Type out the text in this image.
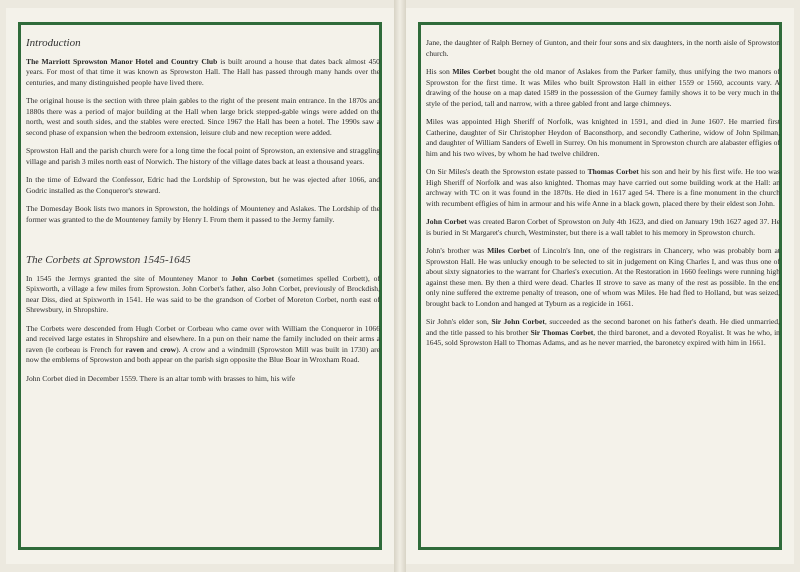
Introduction

The Marriott Sprowston Manor Hotel and Country Club is built around a house that dates back almost 450 years. For most of that time it was known as Sprowston Hall. The Hall has passed through many hands over the centuries, and many distinguished people have lived there.

The original house is the section with three plain gables to the right of the present main entrance. In the 1870s and 1880s there was a period of major building at the Hall when large brick stepped-gable wings were added on the north, west and south sides, and the stables were erected. Since 1967 the Hall has been a hotel. The 1990s saw a second phase of expansion when the bedroom extension, leisure club and new reception were added.

Sprowston Hall and the parish church were for a long time the focal point of Sprowston, an extensive and straggling village and parish 3 miles north east of Norwich. The history of the village dates back at least a thousand years.

In the time of Edward the Confessor, Edric had the Lordship of Sprowston, but he was ejected after 1066, and Godric installed as the Conqueror's steward.

The Domesday Book lists two manors in Sprowston, the holdings of Mounteney and Aslakes. The Lordship of the former was granted to the de Mounteney family by Henry I. From them it passed to the Jermy family.

The Corbets at Sprowston 1545-1645

In 1545 the Jermys granted the site of Mounteney Manor to John Corbet (sometimes spelled Corbett), of Spixworth, a village a few miles from Sprowston. John Corbet's father, also John Corbet, previously of Brockdish, near Diss, died at Spixworth in 1541. He was said to be the grandson of Corbet of Moreton Corbet, north east of Shrewsbury, in Shropshire.

The Corbets were descended from Hugh Corbet or Corbeau who came over with William the Conqueror in 1066 and received large estates in Shropshire and elsewhere. In a pun on their name the family included on their arms a raven (le corbeau is French for raven and crow). A crow and a windmill (Sprowston Mill was built in 1730) are now the emblems of Sprowston and both appear on the parish sign opposite the Blue Boar in Wroxham Road.

John Corbet died in December 1559. There is an altar tomb with brasses to him, his wife

Jane, the daughter of Ralph Berney of Gunton, and their four sons and six daughters, in the north aisle of Sprowston church.

His son Miles Corbet bought the old manor of Aslakes from the Parker family, thus unifying the two manors of Sprowston for the first time. It was Miles who built Sprowston Hall in either 1559 or 1560, accounts vary. A drawing of the house on a map dated 1589 in the possession of the Gurney family shows it to be very much in the style of the period, tall and narrow, with a three gabled front and large chimneys.

Miles was appointed High Sheriff of Norfolk, was knighted in 1591, and died in June 1607. He married first Catherine, daughter of Sir Christopher Heydon of Baconsthorp, and secondly Catherine, widow of John Spilman, and daughter of William Sanders of Ewell in Surrey. On his monument in Sprowston church are alabaster effigies of him and his two wives, by whom he had twelve children.

On Sir Miles's death the Sprowston estate passed to Thomas Corbet his son and heir by his first wife. He too was High Sheriff of Norfolk and was also knighted. Thomas may have carried out some building work at the Hall: an archway with TC on it was found in the 1870s. He died in 1617 aged 54. There is a fine monument in the church with recumbent effigies of him in armour and his wife Anne in a black gown, placed there by their eldest son John.

John Corbet was created Baron Corbet of Sprowston on July 4th 1623, and died on January 19th 1627 aged 37. He is buried in St Margaret's church, Westminster, but there is a wall tablet to his memory in Sprowston church.

John's brother was Miles Corbet of Lincoln's Inn, one of the registrars in Chancery, who was probably born at Sprowston Hall. He was unlucky enough to be selected to sit in judgement on King Charles I, and was thus one of about sixty signatories to the warrant for Charles's execution. At the Restoration in 1660 feelings were running high against these men. By then a third were dead. Charles II strove to save as many of the rest as possible. In the end only nine suffered the extreme penalty of treason, one of whom was Miles. He had fled to Holland, but was seized, brought back to London and hanged at Tyburn as a regicide in 1661.

Sir John's elder son, Sir John Corbet, succeeded as the second baronet on his father's death. He died unmarried, and the title passed to his brother Sir Thomas Corbet, the third baronet, and a devoted Royalist. It was he who, in 1645, sold Sprowston Hall to Thomas Adams, and as he never married, the baronetcy expired with him in 1661.
